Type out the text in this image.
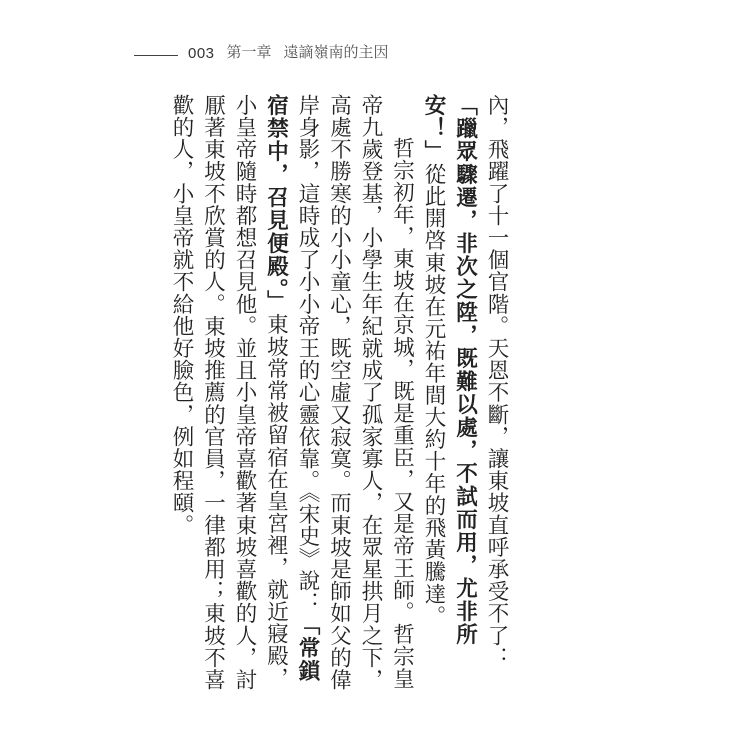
003 第一章 遠謫嶺南的主因

內，飛躍了十一個官階。天恩不斷，讓東坡直呼承受不了：「躐眾驟遷，非次之陞，既難以處，不試而用，尤非所安！」從此開啓東坡在元祐年間大約十年的飛黃騰達。

哲宗初年，東坡在京城，既是重臣，又是帝王師。哲宗皇帝九歲登基，小學生年紀就成了孤家寡人，在眾星拱月之下，高處不勝寒的小小童心，既空虛又寂寞。而東坡是師如父的偉岸身影，這時成了小小帝王的心靈依靠。《宋史》說：「常鎖宿禁中，召見便殿。」東坡常常被留宿在皇宮裡，就近寢殿，小皇帝隨時都想召見他。並且小皇帝喜歡著東坡喜歡的人，討厭著東坡不欣賞的人。東坡推薦的官員，一律都用；東坡不喜歡的人，小皇帝就不給他好臉色，例如程頤。
